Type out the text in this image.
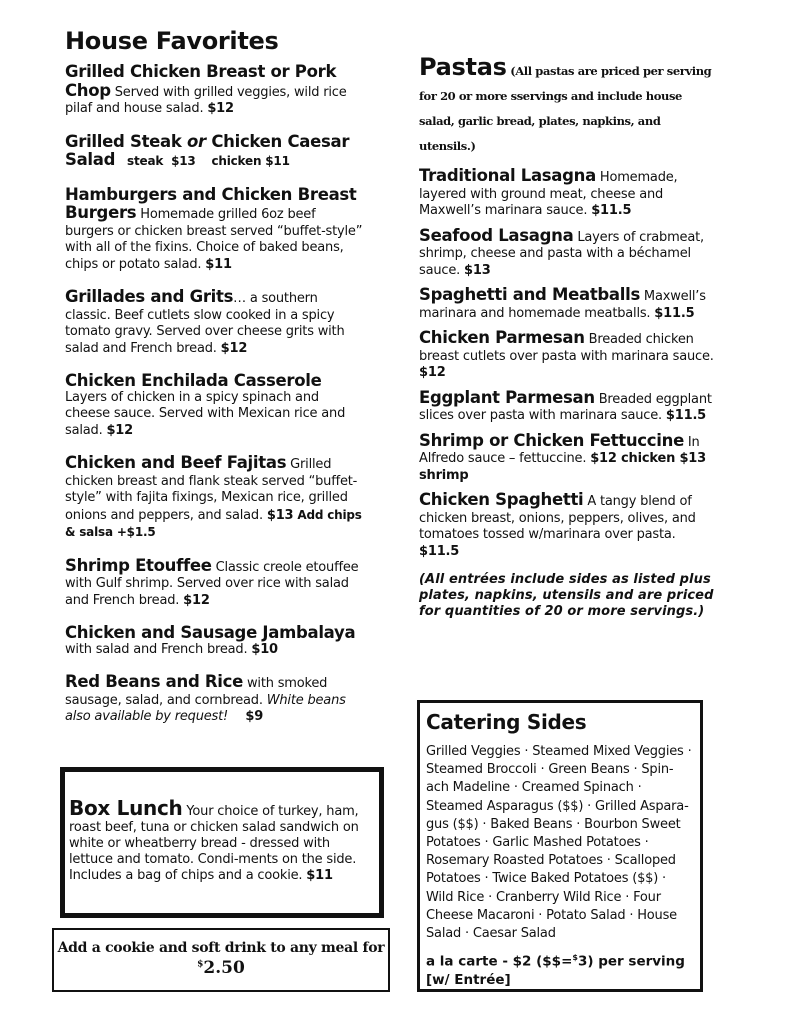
House Favorites
Grilled Chicken Breast or Pork Chop Served with grilled veggies, wild rice pilaf and house salad. $12
Grilled Steak or Chicken Caesar Salad   steak  $13    chicken $11
Hamburgers and Chicken Breast Burgers Homemade grilled 6oz beef burgers or chicken breast served “buffet-style” with all of the fixins. Choice of baked beans, chips or potato salad. $11
Grillades and Grits… a southern classic. Beef cutlets slow cooked in a spicy tomato gravy. Served over cheese grits with salad and French bread. $12
Chicken Enchilada Casserole
Layers of chicken in a spicy spinach and cheese sauce. Served with Mexican rice and salad. $12
Chicken and Beef Fajitas Grilled chicken breast and flank steak served “buffet-style” with fajita fixings, Mexican rice, grilled onions and peppers, and salad. $13 Add chips & salsa +$1.5
Shrimp Etouffee Classic creole etouffee with Gulf shrimp. Served over rice with salad and French bread. $12
Chicken and Sausage Jambalaya
with salad and French bread. $10
Red Beans and Rice with smoked sausage, salad, and cornbread. White beans also available by request!    $9
Box Lunch Your choice of turkey, ham, roast beef, tuna or chicken salad sandwich on white or wheatberry bread - dressed with lettuce and tomato. Condi-ments on the side. Includes a bag of chips and a cookie. $11
Add a cookie and soft drink to any meal for
$2.50
Pastas (All pastas are priced per serving for 20 or more sservings and include house salad, garlic bread, plates, napkins, and utensils.)
Traditional Lasagna Homemade, layered with ground meat, cheese and Maxwell’s marinara sauce. $11.5
Seafood Lasagna Layers of crabmeat, shrimp, cheese and pasta with a béchamel sauce. $13
Spaghetti and Meatballs Maxwell’s marinara and homemade meatballs. $11.5
Chicken Parmesan Breaded chicken breast cutlets over pasta with marinara sauce. $12
Eggplant Parmesan Breaded eggplant slices over pasta with marinara sauce. $11.5
Shrimp or Chicken Fettuccine In Alfredo sauce – fettuccine. $12 chicken $13 shrimp
Chicken Spaghetti A tangy blend of chicken breast, onions, peppers, olives, and tomatoes tossed w/marinara over pasta. $11.5
(All entrées include sides as listed plus plates, napkins, utensils and are priced for quantities of 20 or more servings.)
Catering Sides
Grilled Veggies · Steamed Mixed Veggies · Steamed Broccoli · Green Beans · Spin-ach Madeline · Creamed Spinach · Steamed Asparagus ($$) · Grilled Aspara-gus ($$) · Baked Beans · Bourbon Sweet Potatoes · Garlic Mashed Potatoes · Rosemary Roasted Potatoes · Scalloped Potatoes · Twice Baked Potatoes ($$) · Wild Rice · Cranberry Wild Rice · Four Cheese Macaroni · Potato Salad · House Salad · Caesar Salad
a la carte - $2 ($$=$3) per serving [w/ Entrée]
